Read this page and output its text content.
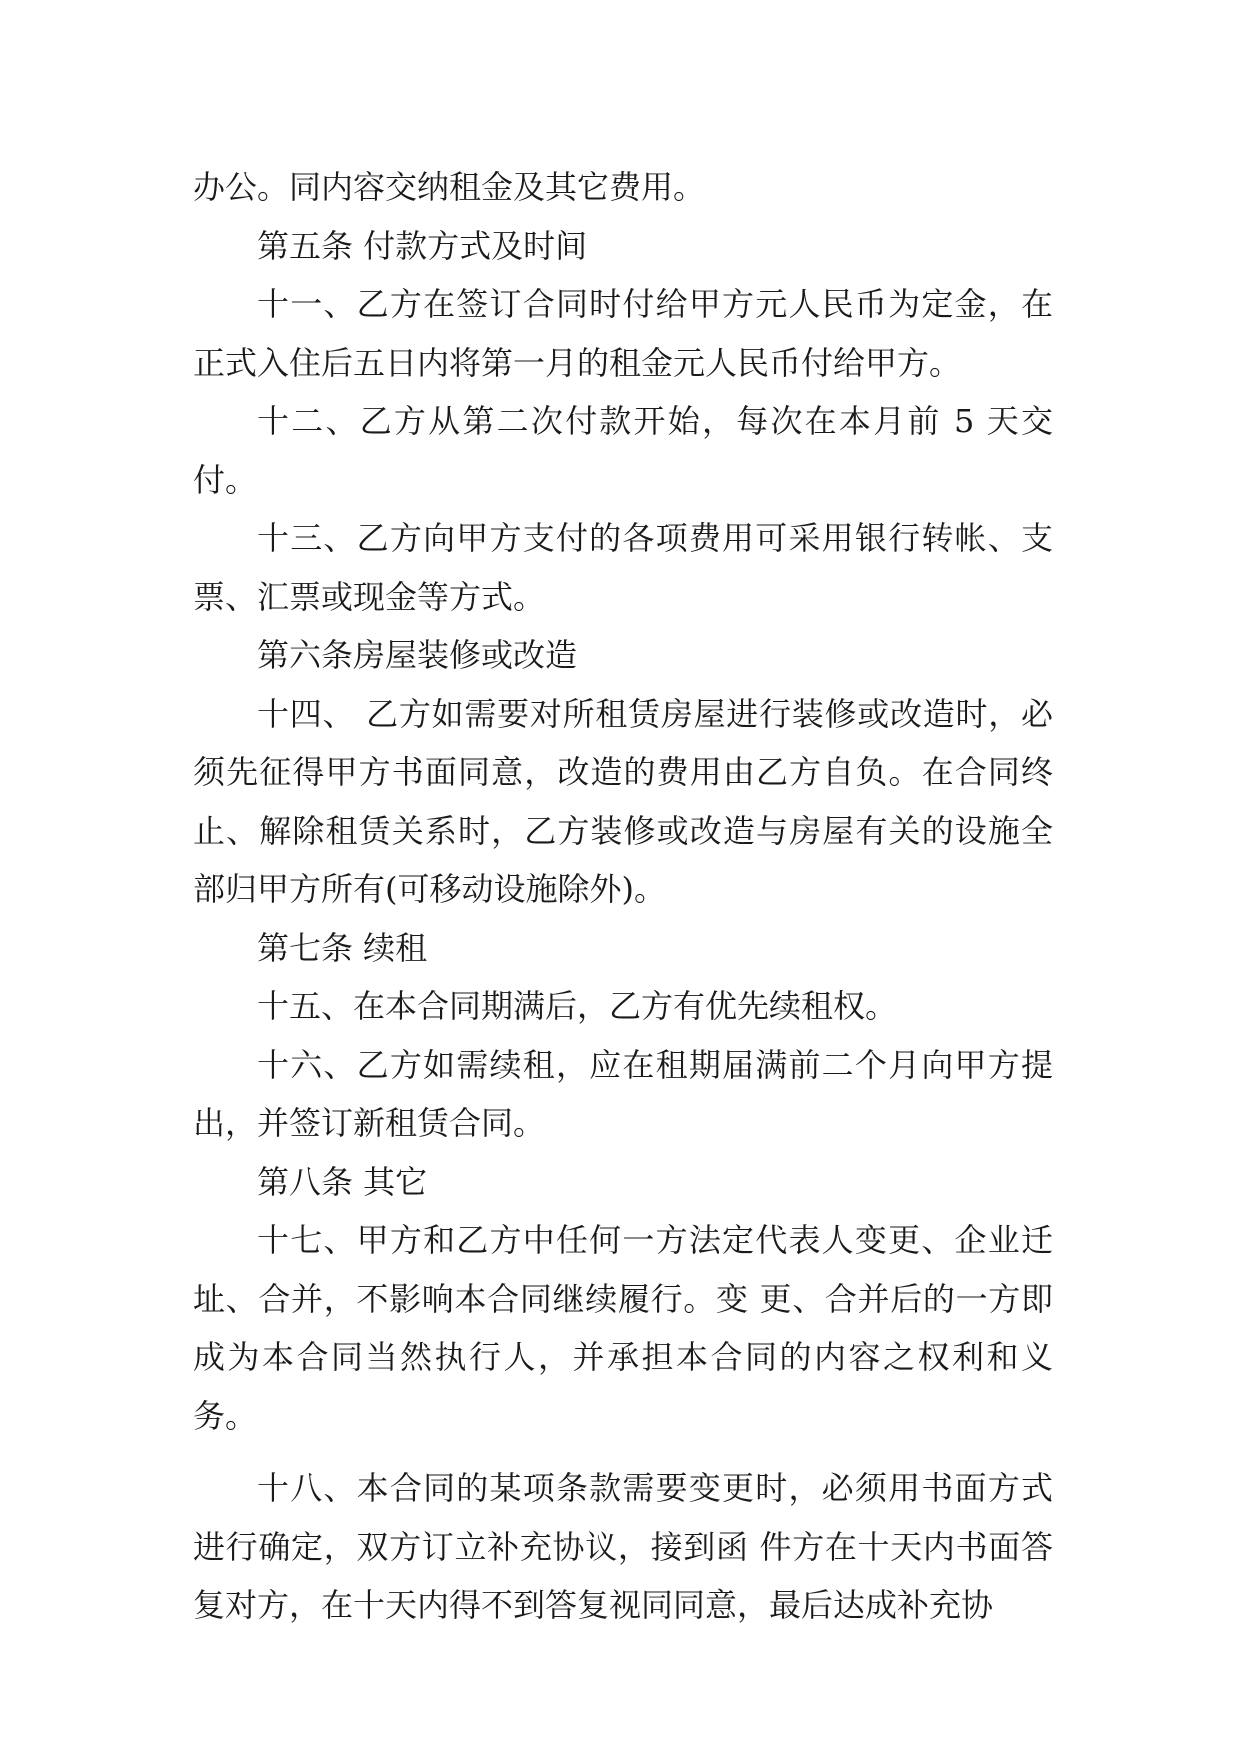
办公。同内容交纳租金及其它费用。

第五条 付款方式及时间

十一、乙方在签订合同时付给甲方元人民币为定金，在正式入住后五日内将第一月的租金元人民币付给甲方。

十二、乙方从第二次付款开始，每次在本月前 5 天交付。

十三、乙方向甲方支付的各项费用可采用银行转帐、支票、汇票或现金等方式。

第六条房屋装修或改造

十四、 乙方如需要对所租赁房屋进行装修或改造时，必须先征得甲方书面同意，改造的费用由乙方自负。在合同终止、解除租赁关系时，乙方装修或改造与房屋有关的设施全部归甲方所有(可移动设施除外)。

第七条 续租

十五、在本合同期满后，乙方有优先续租权。

十六、乙方如需续租，应在租期届满前二个月向甲方提出，并签订新租赁合同。

第八条 其它

十七、甲方和乙方中任何一方法定代表人变更、企业迁址、合并，不影响本合同继续履行。变 更、合并后的一方即成为本合同当然执行人，并承担本合同的内容之权利和义务。

十八、本合同的某项条款需要变更时，必须用书面方式进行确定，双方订立补充协议，接到函 件方在十天内书面答复对方，在十天内得不到答复视同同意，最后达成补充协
